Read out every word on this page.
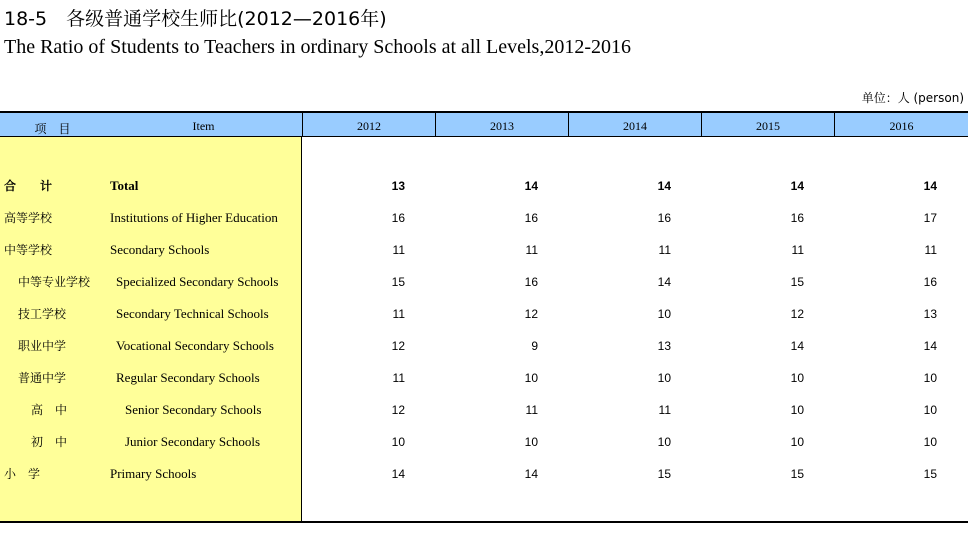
18-5　各级普通学校生师比(2012—2016年)
The Ratio of Students to Teachers in ordinary Schools at all Levels,2012-2016
单位：人 (person)
项　目	Item	2012	2013	2014	2015	2016
合　　计	Total	13	14	14	14	14
高等学校	Institutions of Higher Education	16	16	16	16	17
中等学校	Secondary Schools	11	11	11	11	11
中等专业学校 Specialized Secondary Schools	15	16	14	15	16
技工学校	Secondary Technical Schools	11	12	10	12	13
职业中学	Vocational Secondary Schools	12	9	13	14	14
普通中学	Regular Secondary Schools	11	10	10	10	10
高　中	Senior Secondary Schools	12	11	11	10	10
初　中	Junior Secondary Schools	10	10	10	10	10
小　学	Primary Schools	14	14	15	15	15
